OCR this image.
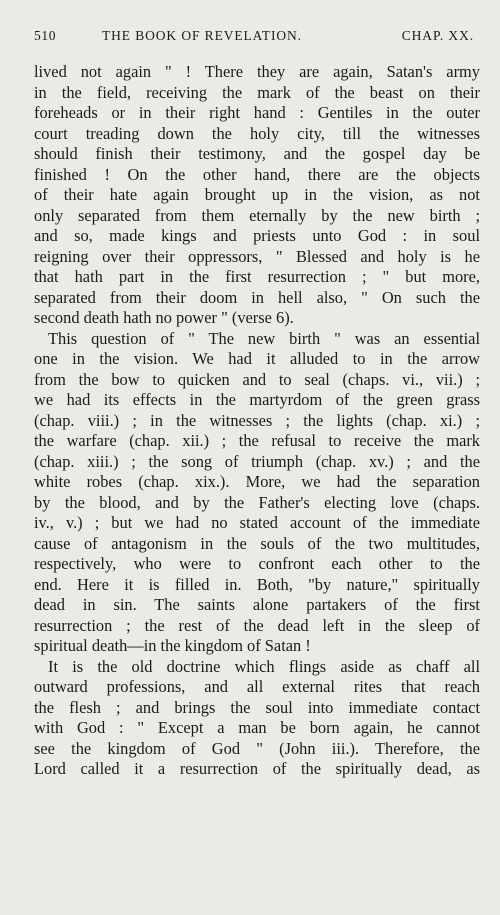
510	THE BOOK OF REVELATION.	CHAP. XX.

lived not again " ! There they are again, Satan's army
in the field, receiving the mark of the beast on their
foreheads or in their right hand : Gentiles in the outer
court treading down the holy city, till the witnesses
should finish their testimony, and the gospel day be
finished ! On the other hand, there are the objects
of their hate again brought up in the vision, as not
only separated from them eternally by the new birth ;
and so, made kings and priests unto God : in soul
reigning over their oppressors, " Blessed and holy is he
that hath part in the first resurrection ; " but more,
separated from their doom in hell also, " On such the
second death hath no power " (verse 6).

This question of " The new birth " was an essential
one in the vision. We had it alluded to in the arrow
from the bow to quicken and to seal (chaps. vi., vii.) ;
we had its effects in the martyrdom of the green grass
(chap. viii.) ; in the witnesses ; the lights (chap. xi.) ;
the warfare (chap. xii.) ; the refusal to receive the mark
(chap. xiii.) ; the song of triumph (chap. xv.) ; and the
white robes (chap. xix.). More, we had the separation
by the blood, and by the Father's electing love (chaps.
iv., v.) ; but we had no stated account of the immediate
cause of antagonism in the souls of the two multitudes,
respectively, who were to confront each other to the
end. Here it is filled in. Both, "by nature," spiritually
dead in sin. The saints alone partakers of the first
resurrection ; the rest of the dead left in the sleep of
spiritual death—in the kingdom of Satan !

It is the old doctrine which flings aside as chaff all
outward professions, and all external rites that reach
the flesh ; and brings the soul into immediate contact
with God : " Except a man be born again, he cannot
see the kingdom of God " (John iii.). Therefore, the
Lord called it a resurrection of the spiritually dead, as
